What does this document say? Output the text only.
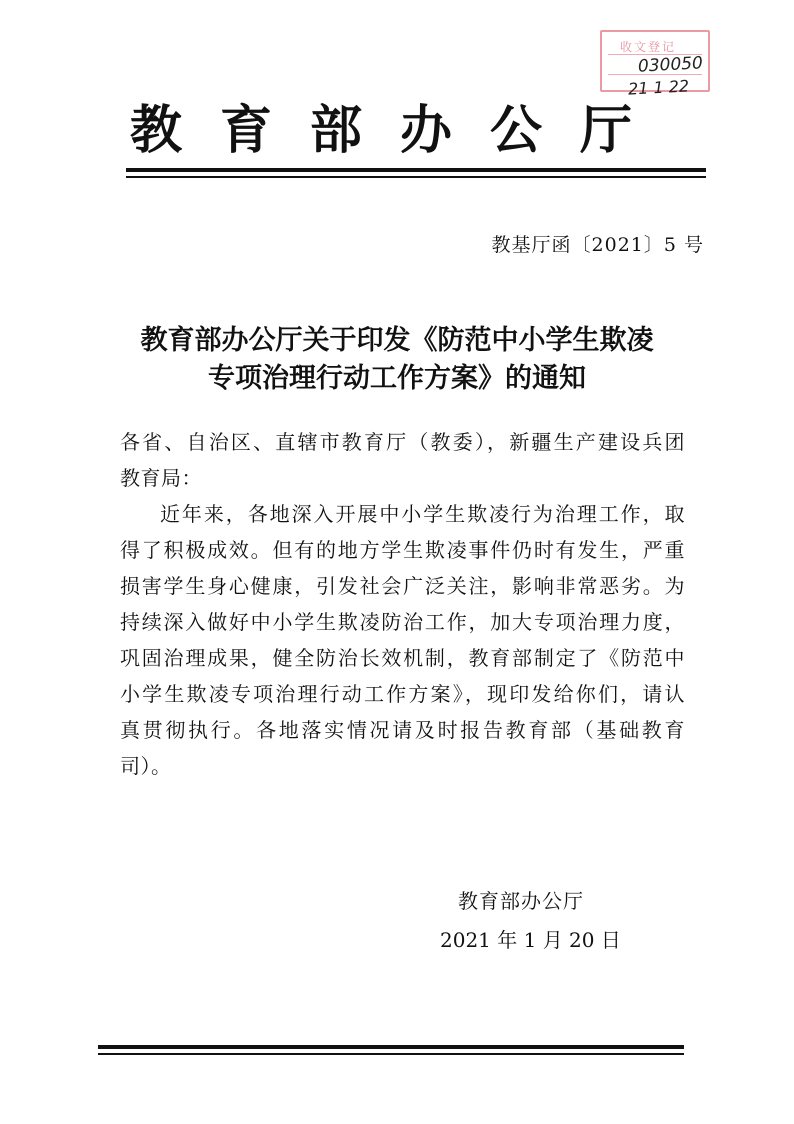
收文登记
030050
21 1 22
教育部办公厅
教基厅函〔2021〕5 号
教育部办公厅关于印发《防范中小学生欺凌
专项治理行动工作方案》的通知
各省、自治区、直辖市教育厅（教委），新疆生产建设兵团
教育局：
近年来，各地深入开展中小学生欺凌行为治理工作，取
得了积极成效。但有的地方学生欺凌事件仍时有发生，严重
损害学生身心健康，引发社会广泛关注，影响非常恶劣。为
持续深入做好中小学生欺凌防治工作，加大专项治理力度，
巩固治理成果，健全防治长效机制，教育部制定了《防范中
小学生欺凌专项治理行动工作方案》，现印发给你们，请认
真贯彻执行。各地落实情况请及时报告教育部（基础教育
司）。
教育部办公厅
2021 年 1 月 20 日
